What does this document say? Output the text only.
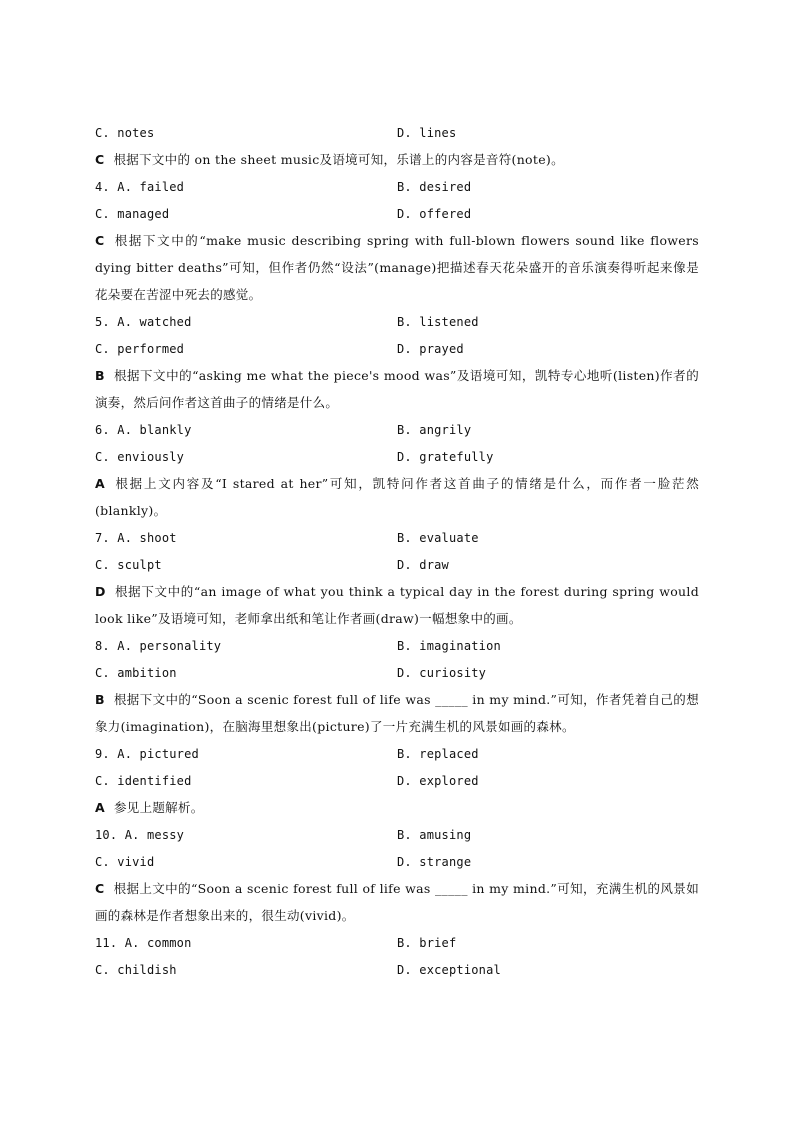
C. notes	D. lines
C 根据下文中的 on the sheet music及语境可知，乐谱上的内容是音符(note)。
4. A. failed	B. desired
C. managed	D. offered
C 根据下文中的“make music describing spring with full-blown flowers sound like flowers dying bitter deaths”可知，但作者仍然“设法”(manage)把描述春天花朵盛开的音乐演奏得听起来像是花朵要在苦涩中死去的感觉。
5. A. watched	B. listened
C. performed	D. prayed
B 根据下文中的“asking me what the piece's mood was”及语境可知，凯特专心地听(listen)作者的演奏，然后问作者这首曲子的情绪是什么。
6. A. blankly	B. angrily
C. enviously	D. gratefully
A 根据上文内容及“I stared at her”可知，凯特问作者这首曲子的情绪是什么，而作者一脸茫然(blankly)。
7. A. shoot	B. evaluate
C. sculpt	D. draw
D 根据下文中的“an image of what you think a typical day in the forest during spring would look like”及语境可知，老师拿出纸和笔让作者画(draw)一幅想象中的画。
8. A. personality	B. imagination
C. ambition	D. curiosity
B 根据下文中的“Soon a scenic forest full of life was _____ in my mind.”可知，作者凭着自己的想象力(imagination)，在脑海里想象出(picture)了一片充满生机的风景如画的森林。
9. A. pictured	B. replaced
C. identified	D. explored
A 参见上题解析。
10. A. messy	B. amusing
C. vivid	D. strange
C 根据上文中的“Soon a scenic forest full of life was _____ in my mind.”可知，充满生机的风景如画的森林是作者想象出来的，很生动(vivid)。
11. A. common	B. brief
C. childish	D. exceptional
